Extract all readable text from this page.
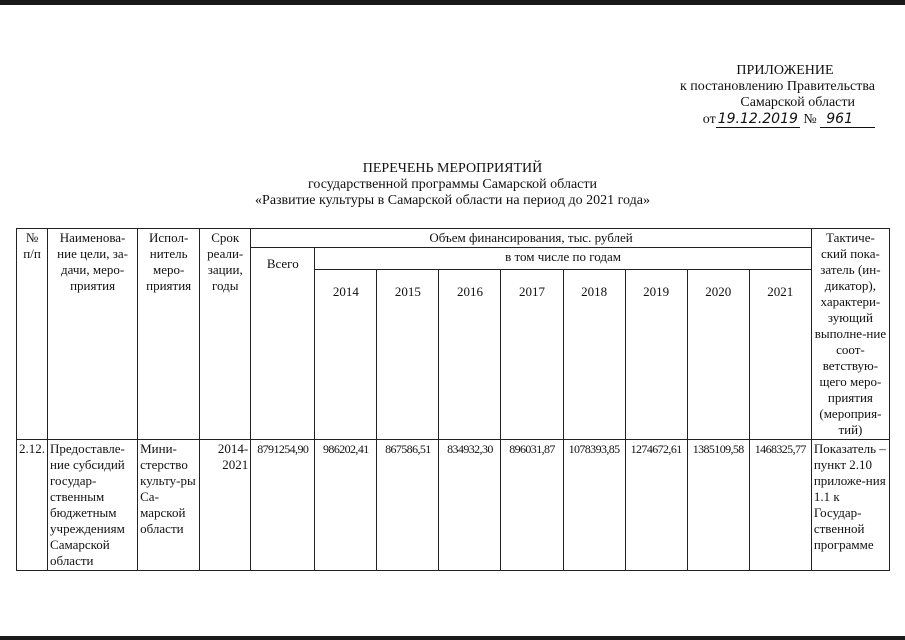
ПРИЛОЖЕНИЕ
к постановлению Правительства
Самарской области
от 19.12.2019 № 961
ПЕРЕЧЕНЬ МЕРОПРИЯТИЙ
государственной программы Самарской области
«Развитие культуры в Самарской области на период до 2021 года»
№ п/п	Наименова-ние цели, за-дачи, меро-приятия	Испол-нитель меро-приятия	Срок реали-зации, годы	Объем финансирования, тыс. рублей									Тактиче-ский пока-затель (ин-дикатор), характери-зующий выполне-ние соот-ветствую-щего меро-приятия (мероприя-тий)
				Всего	в том числе по годам								
					2014	2015	2016	2017	2018	2019	2020	2021	
2.12.	Предоставле-ние субсидий государ-ственным бюджетным учреждениям Самарской области	Мини-стерство культу-ры Са-марской области	2014-2021	8791254,90	986202,41	867586,51	834932,30	896031,87	1078393,85	1274672,61	1385109,58	1468325,77	Показатель – пункт 2.10 приложе-ния 1.1 к Государ-ственной программе
